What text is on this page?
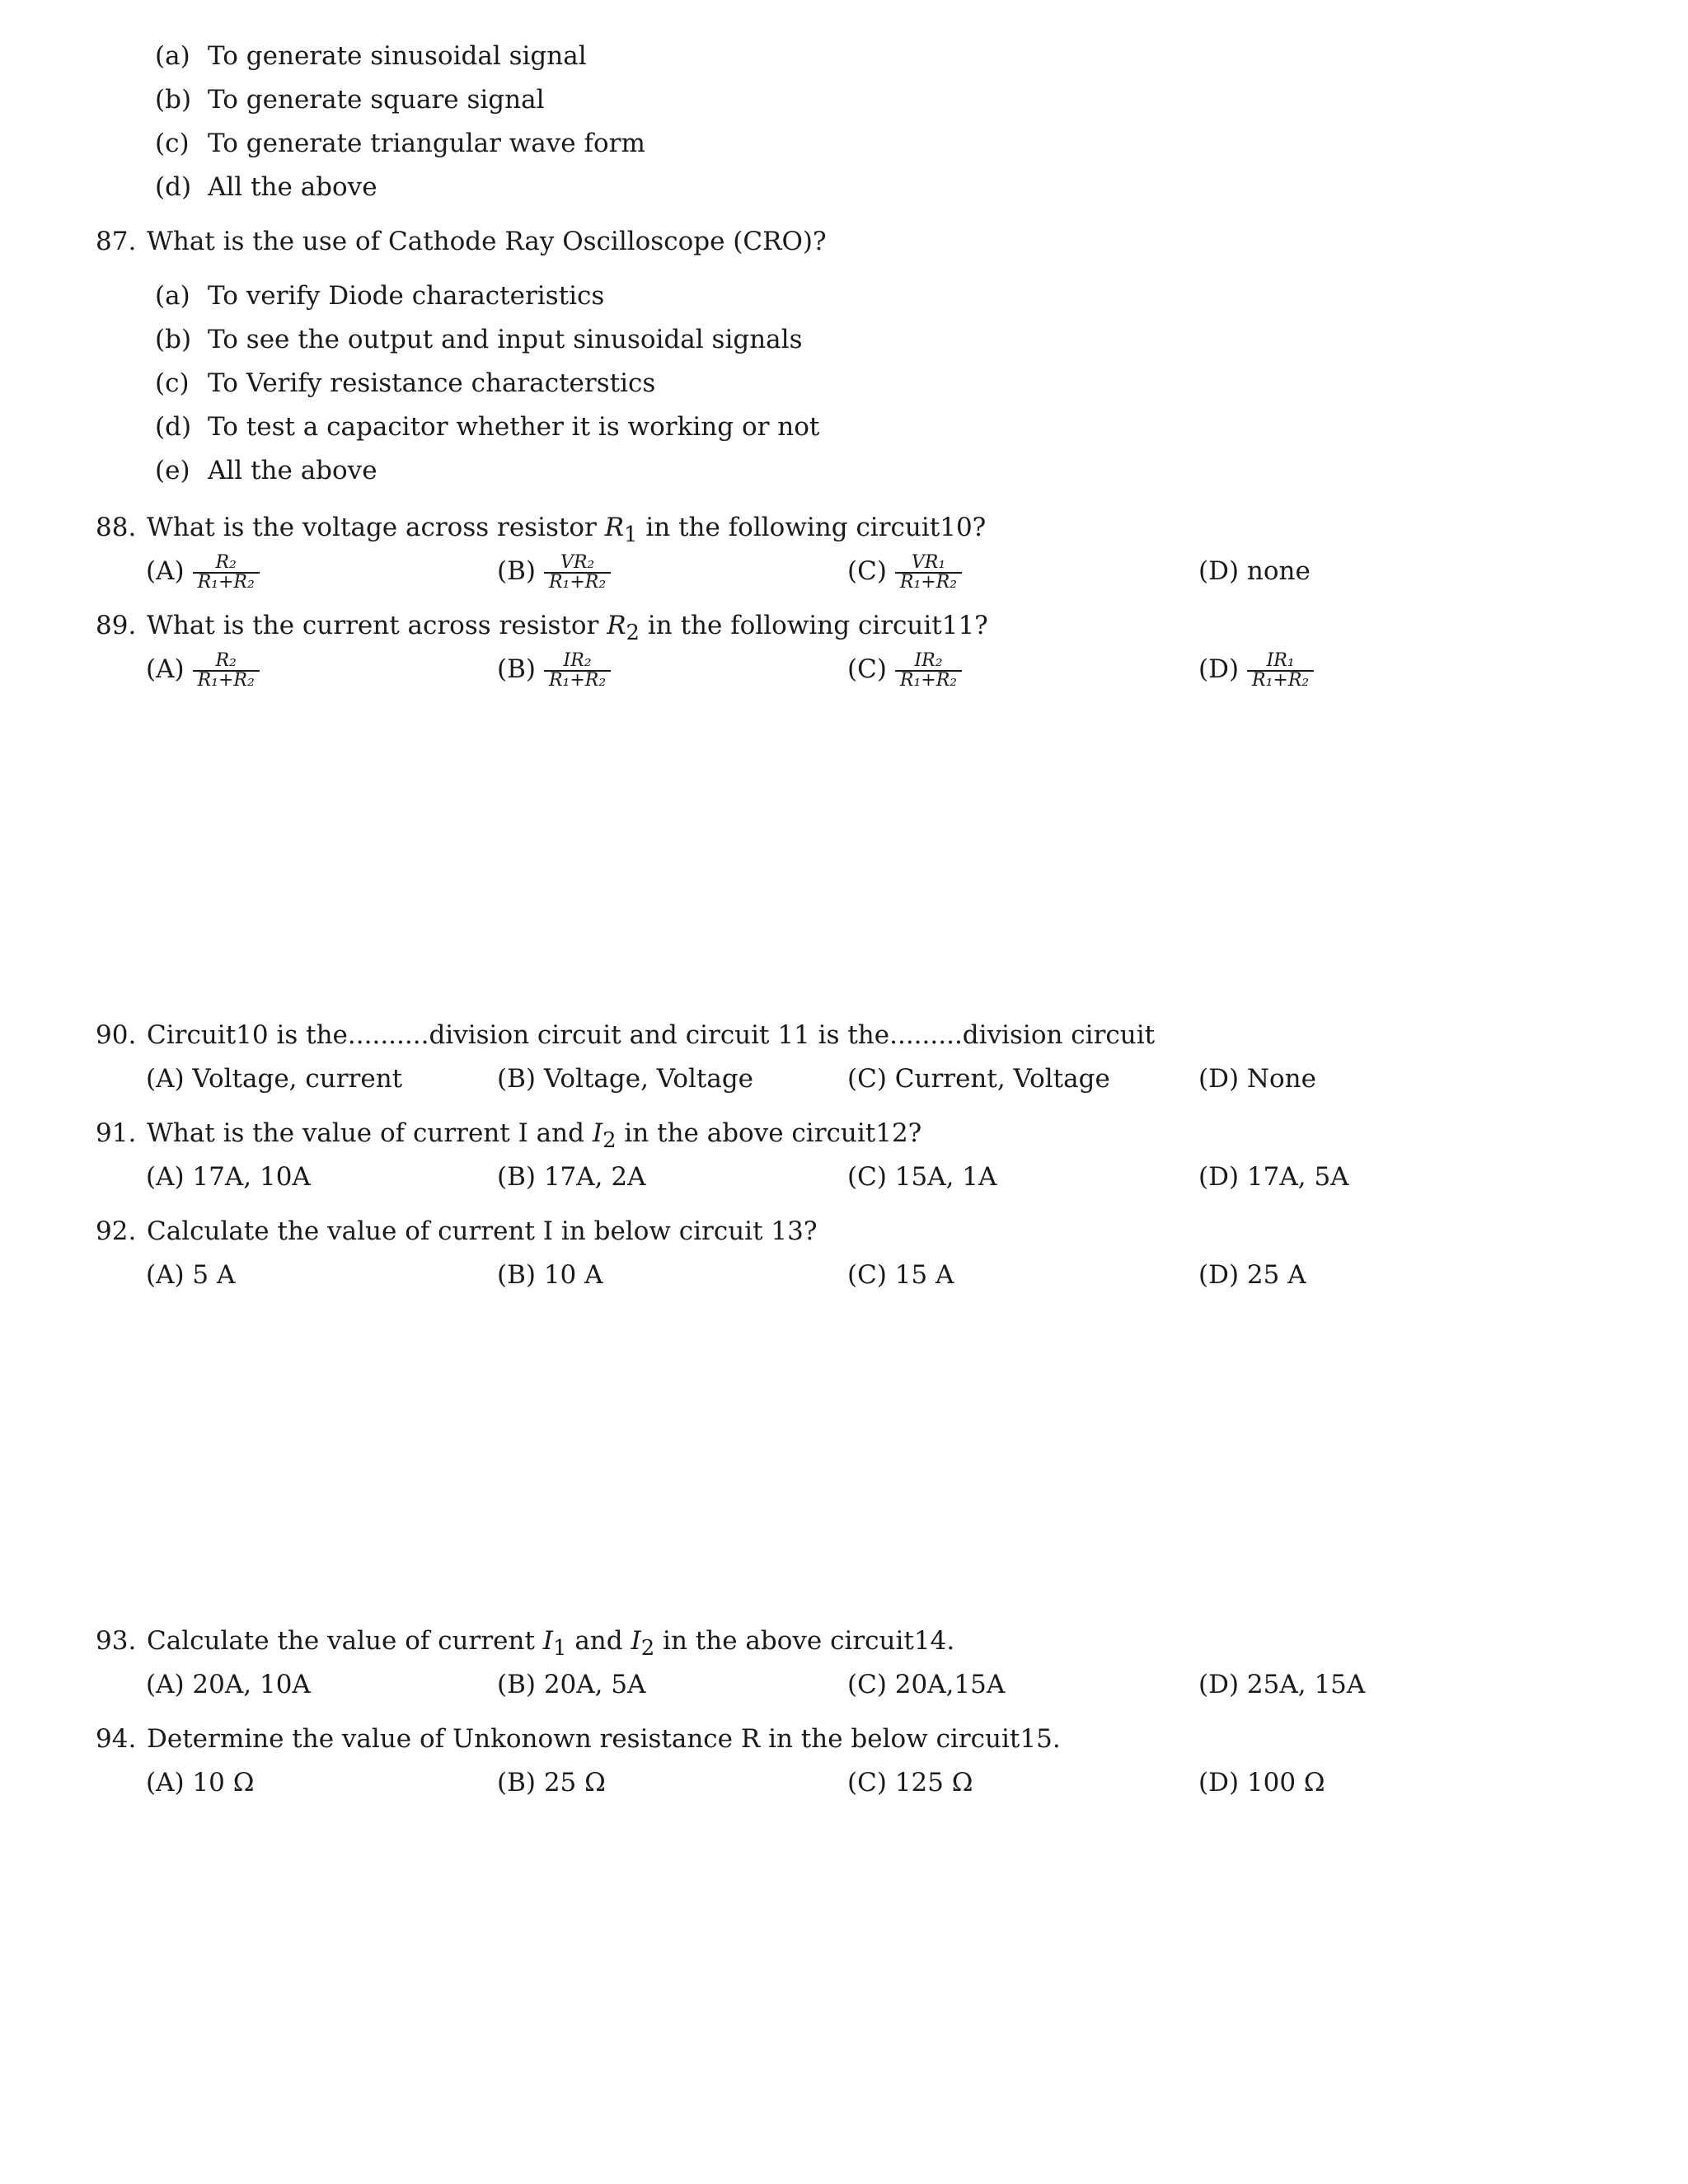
(a) To generate sinusoidal signal
(b) To generate square signal
(c) To generate triangular wave form
(d) All the above
87. What is the use of Cathode Ray Oscilloscope (CRO)?
(a) To verify Diode characteristics
(b) To see the output and input sinusoidal signals
(c) To Verify resistance characterstics
(d) To test a capacitor whether it is working or not
(e) All the above
88. What is the voltage across resistor $R_1$ in the following circuit10?
$(A) \frac{\text{R₂}}{\text{R₁+R₂}}$	$(B) \frac{\text{VR₂}}{\text{R₁+R₂}}$	$(C) \frac{\text{VR₁}}{\text{R₁+R₂}}$	(D) none
89. What is the current across resistor $R_2$ in the following circuit11?
$(A) \frac{\text{R₂}}{\text{R₁+R₂}}$	$(B) \frac{\text{IR₂}}{\text{R₁+R₂}}$	$(C) \frac{\text{IR₂}}{\text{R₁+R₂}}$	$(D) \frac{\text{IR₁}}{\text{R₁+R₂}}$
90. Circuit10 is the..........division circuit and circuit 11 is the.........division circuit
(A) Voltage, current	(B) Voltage, Voltage	(C) Current, Voltage	(D) None
91. What is the value of current I and $I_2$ in the above circuit12?
(A) 17A, 10A	(B) 17A, 2A	(C) 15A, 1A	(D) 17A, 5A
92. Calculate the value of current I in below circuit 13?
(A) 5 A	(B) 10 A	(C) 15 A	(D) 25 A
93. Calculate the value of current $I_1$ and $I_2$ in the above circuit14.
(A) 20A, 10A	(B) 20A, 5A	(C) 20A,15A	(D) 25A, 15A
94. Determine the value of Unkonown resistance R in the below circuit15.
(A) 10 Ω	(B) 25 Ω	(C) 125 Ω	(D) 100 Ω
